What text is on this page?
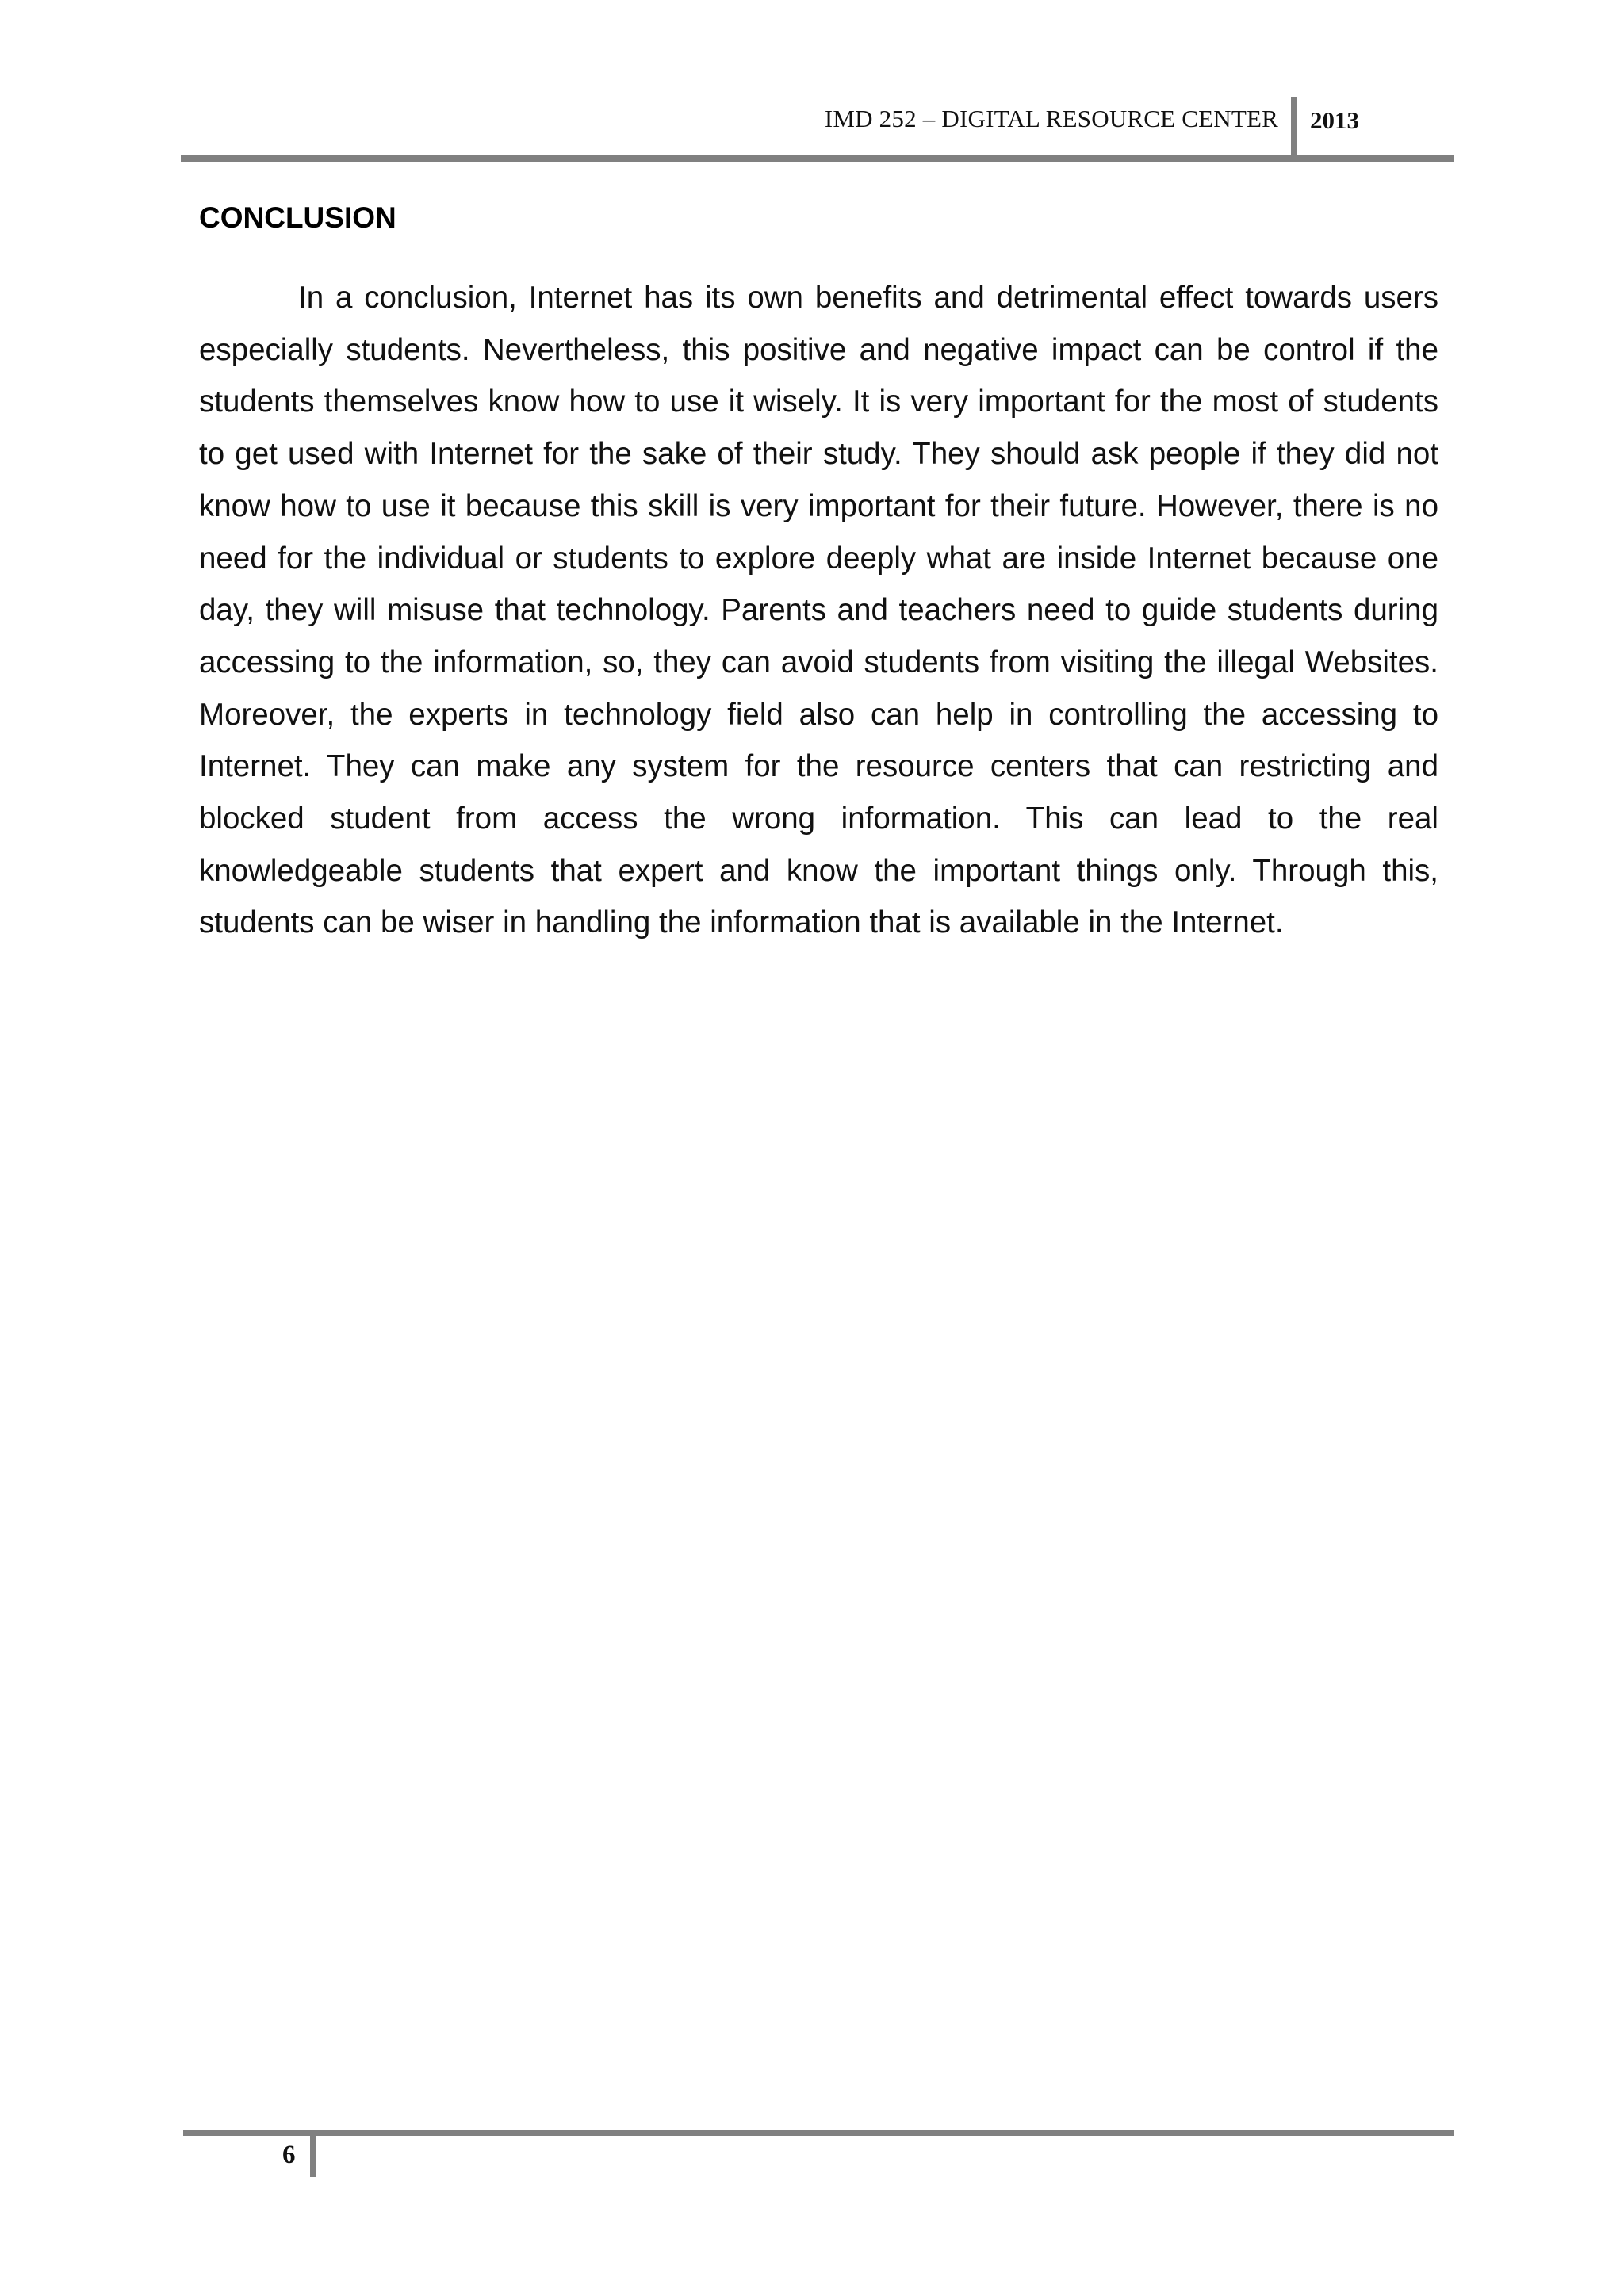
IMD 252 – DIGITAL RESOURCE CENTER 2013
CONCLUSION

In a conclusion, Internet has its own benefits and detrimental effect towards users especially students. Nevertheless, this positive and negative impact can be control if the students themselves know how to use it wisely. It is very important for the most of students to get used with Internet for the sake of their study. They should ask people if they did not know how to use it because this skill is very important for their future. However, there is no need for the individual or students to explore deeply what are inside Internet because one day, they will misuse that technology. Parents and teachers need to guide students during accessing to the information, so, they can avoid students from visiting the illegal Websites. Moreover, the experts in technology field also can help in controlling the accessing to Internet. They can make any system for the resource centers that can restricting and blocked student from access the wrong information. This can lead to the real knowledgeable students that expert and know the important things only. Through this, students can be wiser in handling the information that is available in the Internet.

6
